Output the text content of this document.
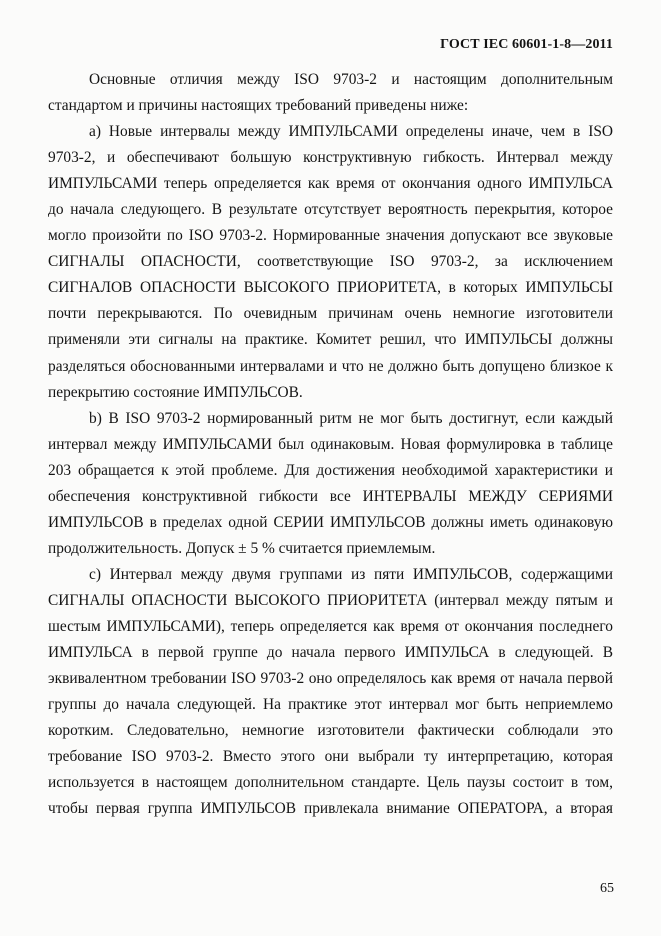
ГОСТ IEC 60601-1-8—2011
Основные отличия между ISO 9703-2 и настоящим дополнительным
стандартом и причины настоящих требований приведены ниже:
а) Новые интервалы между ИМПУЛЬСАМИ определены иначе, чем в ISO
9703-2, и обеспечивают большую конструктивную гибкость. Интервал между
ИМПУЛЬСАМИ теперь определяется как время от окончания одного ИМПУЛЬСА
до начала следующего. В результате отсутствует вероятность перекрытия, которое
могло произойти по ISO 9703-2. Нормированные значения допускают все звуковые
СИГНАЛЫ ОПАСНОСТИ, соответствующие ISO 9703-2, за исключением
СИГНАЛОВ ОПАСНОСТИ ВЫСОКОГО ПРИОРИТЕТА, в которых ИМПУЛЬСЫ
почти перекрываются. По очевидным причинам очень немногие изготовители
применяли эти сигналы на практике. Комитет решил, что ИМПУЛЬСЫ должны
разделяться обоснованными интервалами и что не должно быть допущено близкое к
перекрытию состояние ИМПУЛЬСОВ.
b) В ISO 9703-2 нормированный ритм не мог быть достигнут, если каждый
интервал между ИМПУЛЬСАМИ был одинаковым. Новая формулировка в таблице
203 обращается к этой проблеме. Для достижения необходимой характеристики и
обеспечения конструктивной гибкости все ИНТЕРВАЛЫ МЕЖДУ СЕРИЯМИ
ИМПУЛЬСОВ в пределах одной СЕРИИ ИМПУЛЬСОВ должны иметь одинаковую
продолжительность. Допуск ± 5 % считается приемлемым.
с) Интервал между двумя группами из пяти ИМПУЛЬСОВ, содержащими
СИГНАЛЫ ОПАСНОСТИ ВЫСОКОГО ПРИОРИТЕТА (интервал между пятым и
шестым ИМПУЛЬСАМИ), теперь определяется как время от окончания последнего
ИМПУЛЬСА в первой группе до начала первого ИМПУЛЬСА в следующей. В
эквивалентном требовании ISO 9703-2 оно определялось как время от начала первой
группы до начала следующей. На практике этот интервал мог быть неприемлемо
коротким. Следовательно, немногие изготовители фактически соблюдали это
требование ISO 9703-2. Вместо этого они выбрали ту интерпретацию, которая
используется в настоящем дополнительном стандарте. Цель паузы состоит в том,
чтобы первая группа ИМПУЛЬСОВ привлекала внимание ОПЕРАТОРА, а вторая
65
